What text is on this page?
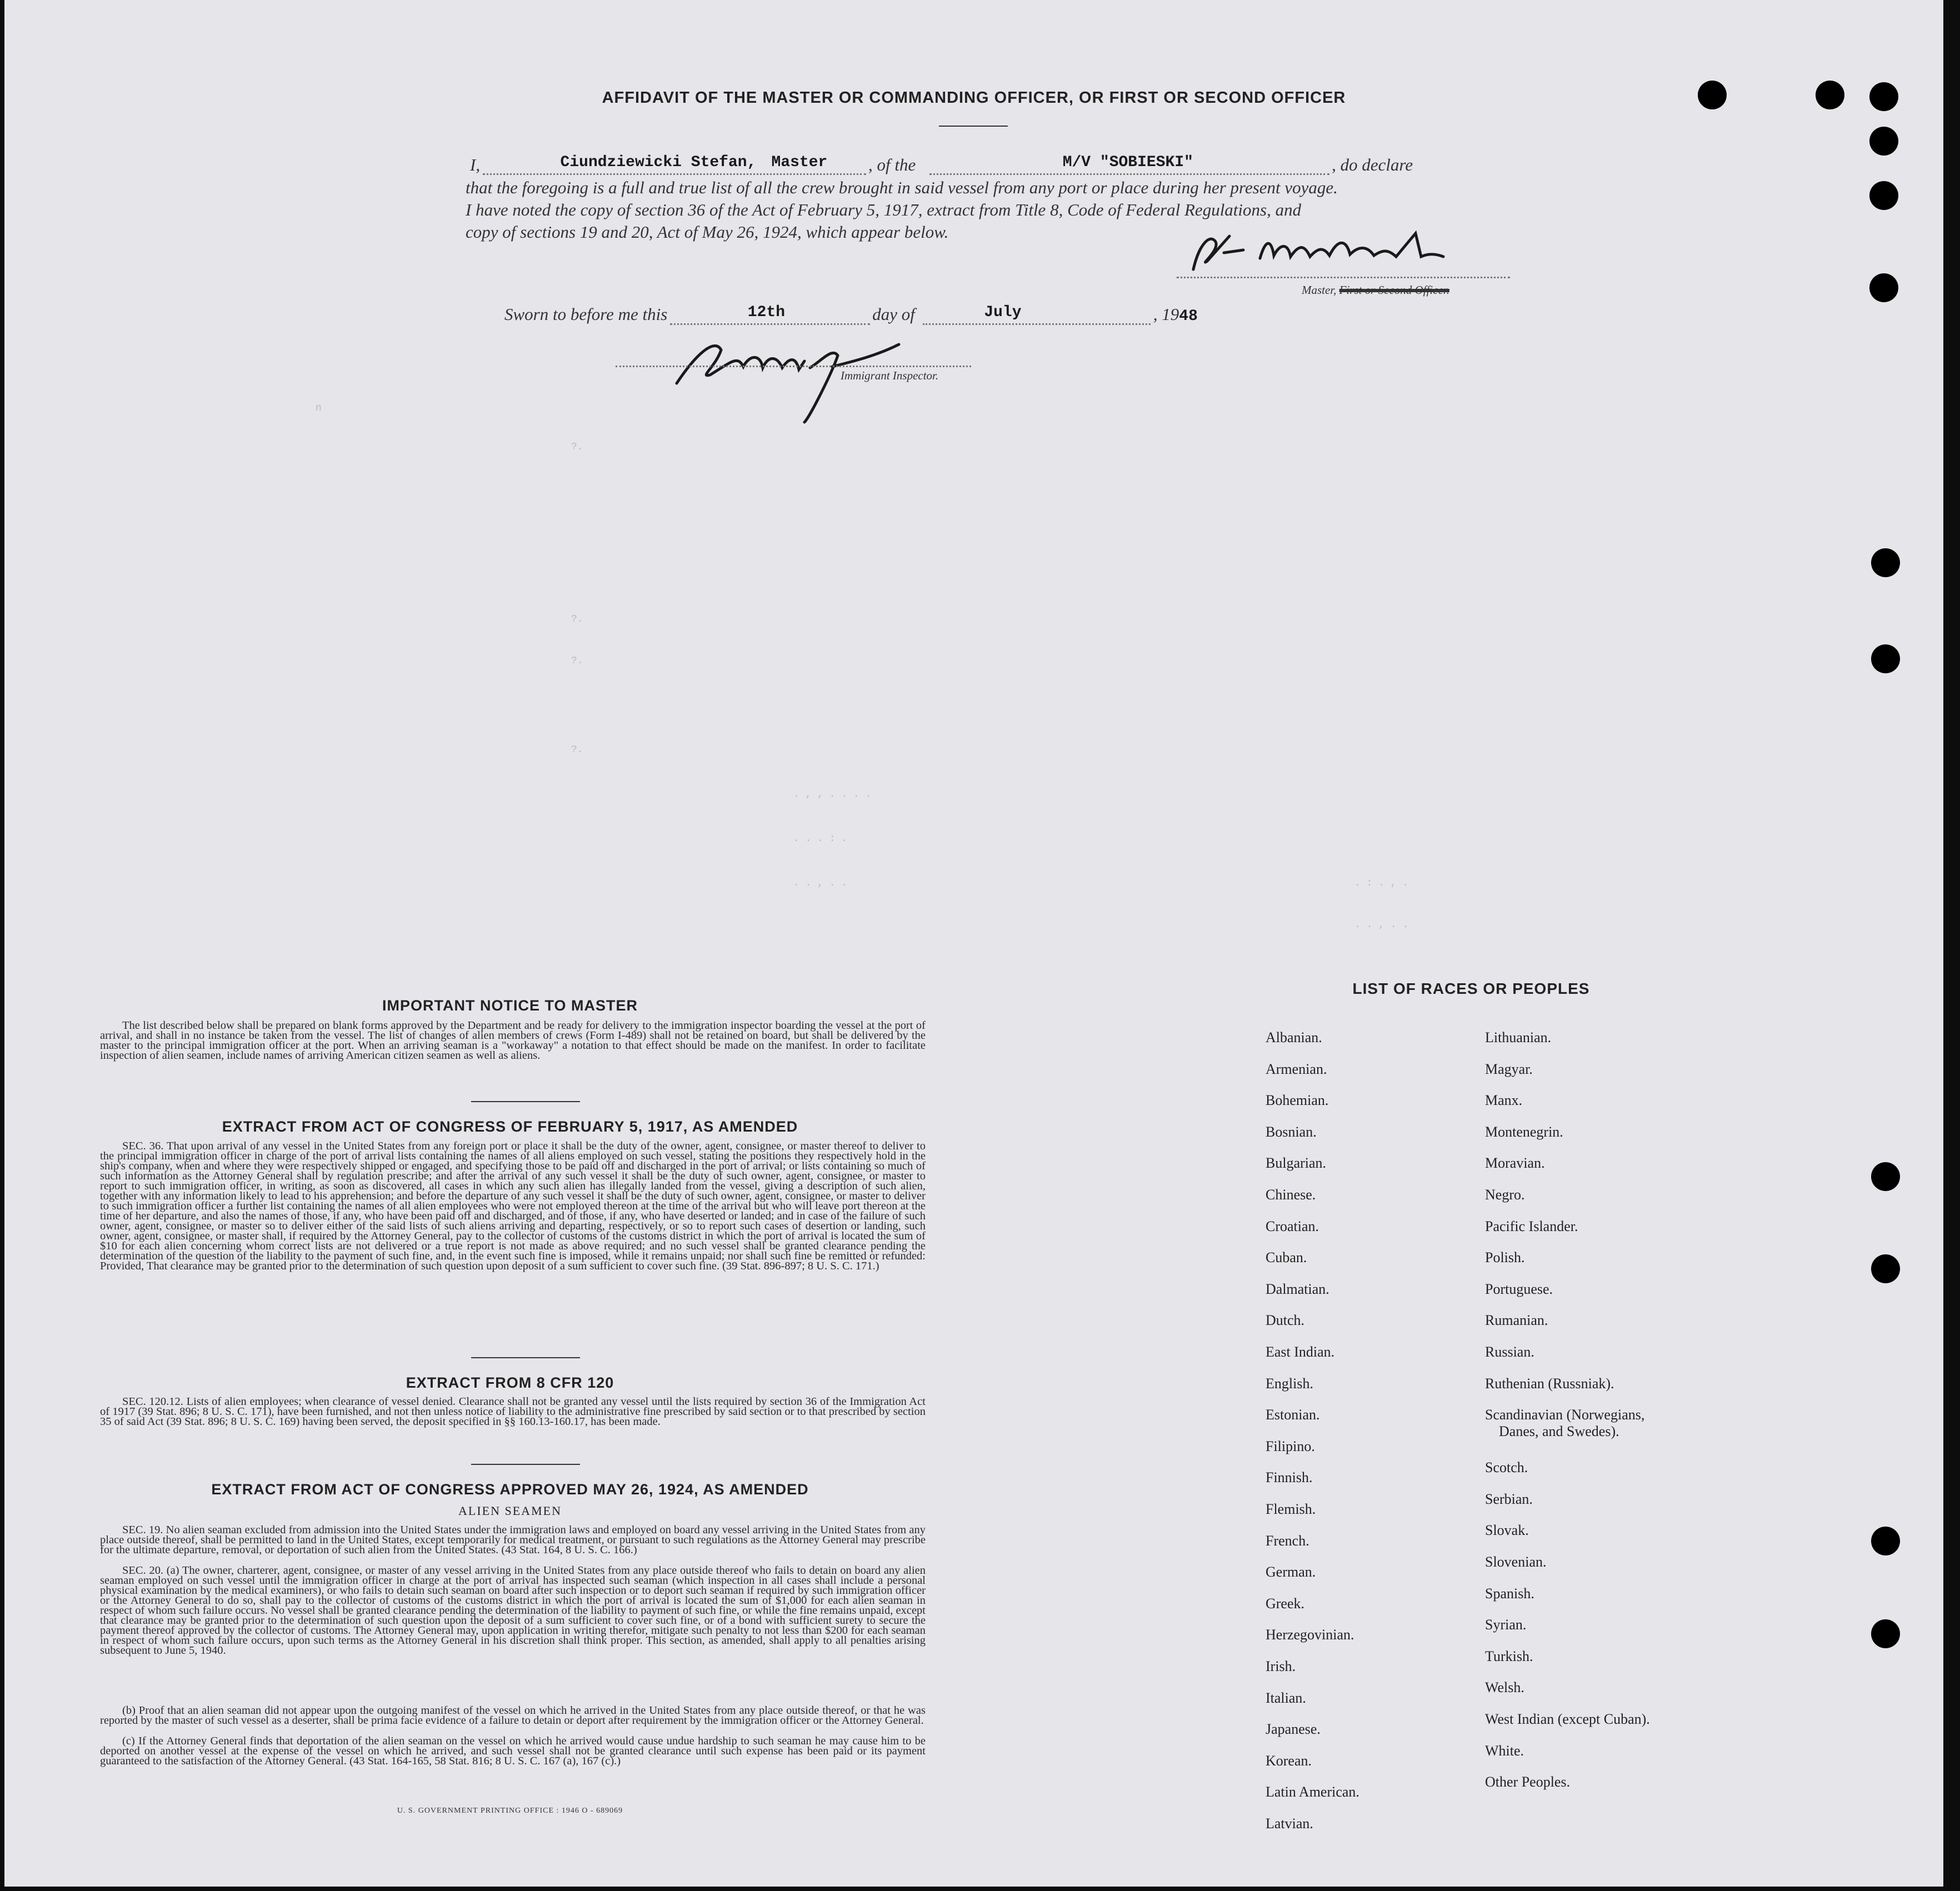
AFFIDAVIT OF THE MASTER OR COMMANDING OFFICER, OR FIRST OR SECOND OFFICER
I,	Ciundziewicki Stefan, Master , of the	M/V "SOBIESKI"	, do declare
that the foregoing is a full and true list of all the crew brought in said vessel from any port or place during her present voyage.
I have noted the copy of section 36 of the Act of February 5, 1917, extract from Title 8, Code of Federal Regulations, and
copy of sections 19 and 20, Act of May 26, 1924, which appear below.
Master, First or Second Officer.
Sworn to before me this	12th	day of	July	, 1948
Immigrant Inspector.
n
?.
?.
?.
?.
. , , . . . .
. . . : .
. . , . .	. : . , .
. . , . .
IMPORTANT NOTICE TO MASTER
The list described below shall be prepared on blank forms approved by the Department and be ready for delivery to the immigration inspector boarding the vessel at the port of arrival, and shall in no instance be taken from the vessel. The list of changes of alien members of crews (Form I-489) shall not be retained on board, but shall be delivered by the master to the principal immigration officer at the port. When an arriving seaman is a "workaway" a notation to that effect should be made on the manifest. In order to facilitate inspection of alien seamen, include names of arriving American citizen seamen as well as aliens.
EXTRACT FROM ACT OF CONGRESS OF FEBRUARY 5, 1917, AS AMENDED
SEC. 36. That upon arrival of any vessel in the United States from any foreign port or place it shall be the duty of the owner, agent, consignee, or master thereof to deliver to the principal immigration officer in charge of the port of arrival lists containing the names of all aliens employed on such vessel, stating the positions they respectively hold in the ship's company, when and where they were respectively shipped or engaged, and specifying those to be paid off and discharged in the port of arrival; or lists containing so much of such information as the Attorney General shall by regulation prescribe; and after the arrival of any such vessel it shall be the duty of such owner, agent, consignee, or master to report to such immigration officer, in writing, as soon as discovered, all cases in which any such alien has illegally landed from the vessel, giving a description of such alien, together with any information likely to lead to his apprehension; and before the departure of any such vessel it shall be the duty of such owner, agent, consignee, or master to deliver to such immigration officer a further list containing the names of all alien employees who were not employed thereon at the time of the arrival but who will leave port thereon at the time of her departure, and also the names of those, if any, who have been paid off and discharged, and of those, if any, who have deserted or landed; and in case of the failure of such owner, agent, consignee, or master so to deliver either of the said lists of such aliens arriving and departing, respectively, or so to report such cases of desertion or landing, such owner, agent, consignee, or master shall, if required by the Attorney General, pay to the collector of customs of the customs district in which the port of arrival is located the sum of $10 for each alien concerning whom correct lists are not delivered or a true report is not made as above required; and no such vessel shall be granted clearance pending the determination of the question of the liability to the payment of such fine, and, in the event such fine is imposed, while it remains unpaid; nor shall such fine be remitted or refunded: Provided, That clearance may be granted prior to the determination of such question upon deposit of a sum sufficient to cover such fine. (39 Stat. 896-897; 8 U. S. C. 171.)
EXTRACT FROM 8 CFR 120
SEC. 120.12. Lists of alien employees; when clearance of vessel denied. Clearance shall not be granted any vessel until the lists required by section 36 of the Immigration Act of 1917 (39 Stat. 896; 8 U. S. C. 171), have been furnished, and not then unless notice of liability to the administrative fine prescribed by said section or to that prescribed by section 35 of said Act (39 Stat. 896; 8 U. S. C. 169) having been served, the deposit specified in §§ 160.13-160.17, has been made.
EXTRACT FROM ACT OF CONGRESS APPROVED MAY 26, 1924, AS AMENDED
ALIEN SEAMEN
SEC. 19. No alien seaman excluded from admission into the United States under the immigration laws and employed on board any vessel arriving in the United States from any place outside thereof, shall be permitted to land in the United States, except temporarily for medical treatment, or pursuant to such regulations as the Attorney General may prescribe for the ultimate departure, removal, or deportation of such alien from the United States. (43 Stat. 164, 8 U. S. C. 166.)
SEC. 20. (a) The owner, charterer, agent, consignee, or master of any vessel arriving in the United States from any place outside thereof who fails to detain on board any alien seaman employed on such vessel until the immigration officer in charge at the port of arrival has inspected such seaman (which inspection in all cases shall include a personal physical examination by the medical examiners), or who fails to detain such seaman on board after such inspection or to deport such seaman if required by such immigration officer or the Attorney General to do so, shall pay to the collector of customs of the customs district in which the port of arrival is located the sum of $1,000 for each alien seaman in respect of whom such failure occurs. No vessel shall be granted clearance pending the determination of the liability to payment of such fine, or while the fine remains unpaid, except that clearance may be granted prior to the determination of such question upon the deposit of a sum sufficient to cover such fine, or of a bond with sufficient surety to secure the payment thereof approved by the collector of customs. The Attorney General may, upon application in writing therefor, mitigate such penalty to not less than $200 for each seaman in respect of whom such failure occurs, upon such terms as the Attorney General in his discretion shall think proper. This section, as amended, shall apply to all penalties arising subsequent to June 5, 1940.
(b) Proof that an alien seaman did not appear upon the outgoing manifest of the vessel on which he arrived in the United States from any place outside thereof, or that he was reported by the master of such vessel as a deserter, shall be prima facie evidence of a failure to detain or deport after requirement by the immigration officer or the Attorney General.
(c) If the Attorney General finds that deportation of the alien seaman on the vessel on which he arrived would cause undue hardship to such seaman he may cause him to be deported on another vessel at the expense of the vessel on which he arrived, and such vessel shall not be granted clearance until such expense has been paid or its payment guaranteed to the satisfaction of the Attorney General. (43 Stat. 164-165, 58 Stat. 816; 8 U. S. C. 167 (a), 167 (c).)
U. S. GOVERNMENT PRINTING OFFICE : 1946 O - 689069
LIST OF RACES OR PEOPLES
Albanian.
Armenian.
Bohemian.
Bosnian.
Bulgarian.
Chinese.
Croatian.
Cuban.
Dalmatian.
Dutch.
East Indian.
English.
Estonian.
Filipino.
Finnish.
Flemish.
French.
German.
Greek.
Herzegovinian.
Irish.
Italian.
Japanese.
Korean.
Latin American.
Latvian.
Lithuanian.
Magyar.
Manx.
Montenegrin.
Moravian.
Negro.
Pacific Islander.
Polish.
Portuguese.
Rumanian.
Russian.
Ruthenian (Russniak).
Scandinavian (Norwegians,
Danes, and Swedes).
Scotch.
Serbian.
Slovak.
Slovenian.
Spanish.
Syrian.
Turkish.
Welsh.
West Indian (except Cuban).
White.
Other Peoples.
